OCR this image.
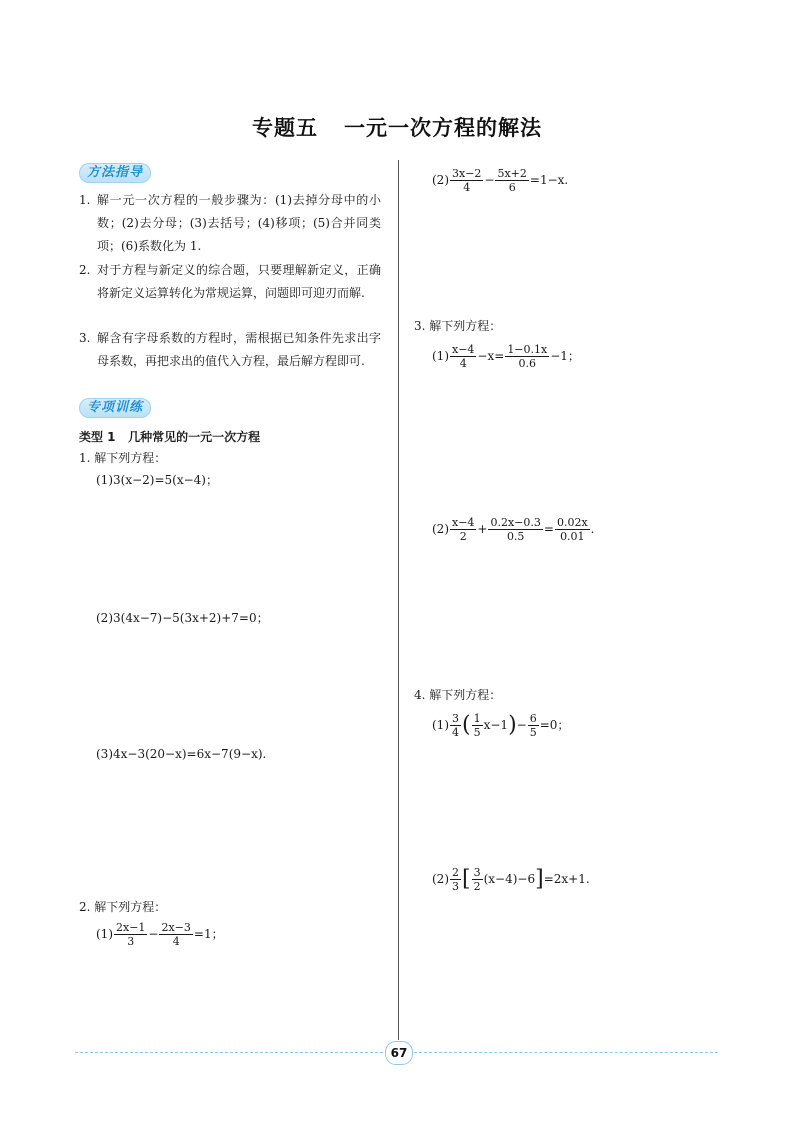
专题五 一元一次方程的解法
方法指导
1. 解一元一次方程的一般步骤为：(1)去掉分母中的小数；(2)去分母；(3)去括号；(4)移项；(5)合并同类项；(6)系数化为 1.
2. 对于方程与新定义的综合题，只要理解新定义，正确将新定义运算转化为常规运算，问题即可迎刃而解.
3. 解含有字母系数的方程时，需根据已知条件先求出字母系数，再把求出的值代入方程，最后解方程即可.
专项训练
类型 1 几种常见的一元一次方程
1. 解下列方程：
(1)3(x−2)=5(x−4)；
(2)3(4x−7)−5(3x+2)+7=0；
(3)4x−3(20−x)=6x−7(9−x).
2. 解下列方程：
$(1) \frac{2x-1}{3} - \frac{2x-3}{4} =1$；
$(2) \frac{3x-2}{4} - \frac{5x+2}{6} =1-x$.
3. 解下列方程：
$(1) \frac{x-4}{4} -x= \frac{1-0.1x}{0.6} -1$；
$(2) \frac{x-4}{2} + \frac{0.2x-0.3}{0.5} = \frac{0.02x}{0.01}$ .
4. 解下列方程：
$(1) \frac{3}{4}$ ( $\frac{1}{5} x-1)- \frac{6}{5} =0$；
$(2) \frac{2}{3}$ [ $\frac{3}{2} (x-4)-6]=2x+1$.
67
